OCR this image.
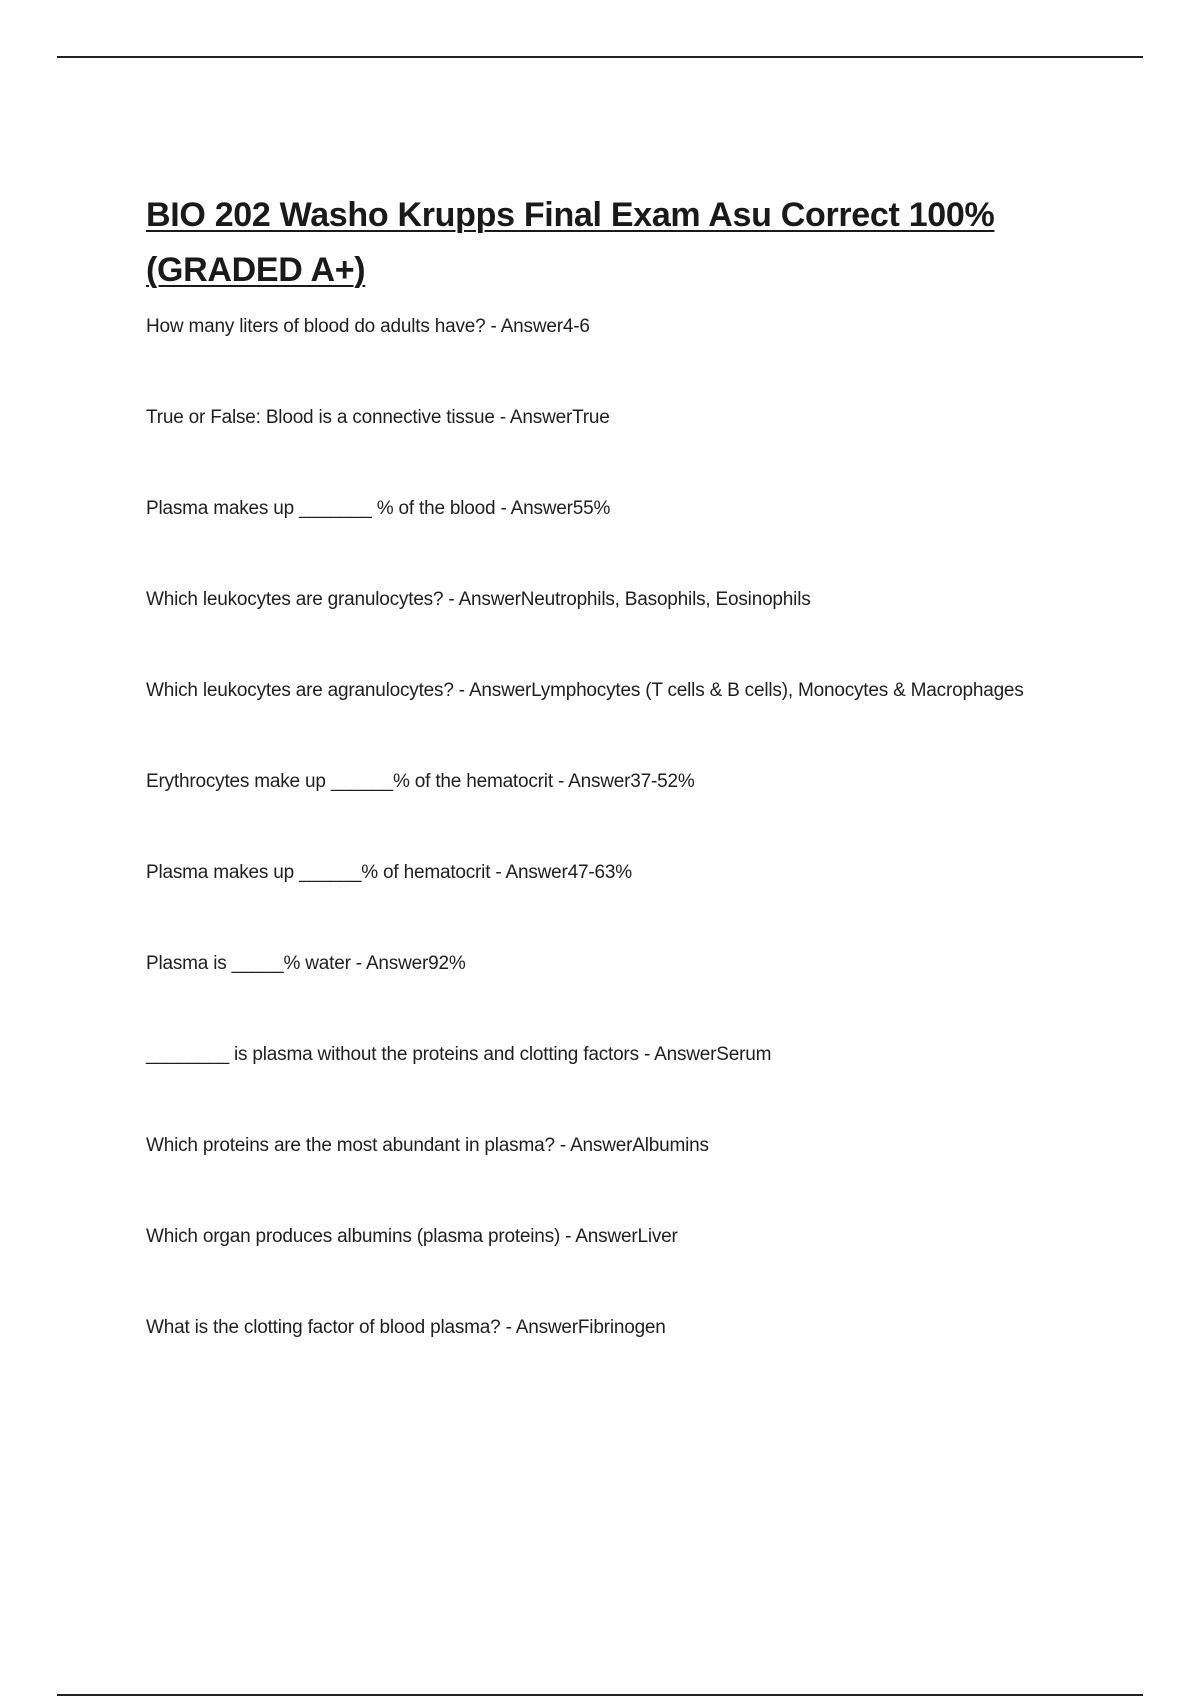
BIO 202 Washo Krupps Final Exam Asu Correct 100% (GRADED A+)
How many liters of blood do adults have? - Answer4-6
True or False: Blood is a connective tissue - AnswerTrue
Plasma makes up _______ % of the blood - Answer55%
Which leukocytes are granulocytes? - AnswerNeutrophils, Basophils, Eosinophils
Which leukocytes are agranulocytes? - AnswerLymphocytes (T cells & B cells), Monocytes & Macrophages
Erythrocytes make up ______% of the hematocrit - Answer37-52%
Plasma makes up ______% of hematocrit - Answer47-63%
Plasma is _____% water - Answer92%
________ is plasma without the proteins and clotting factors - AnswerSerum
Which proteins are the most abundant in plasma? - AnswerAlbumins
Which organ produces albumins (plasma proteins) - AnswerLiver
What is the clotting factor of blood plasma? - AnswerFibrinogen
